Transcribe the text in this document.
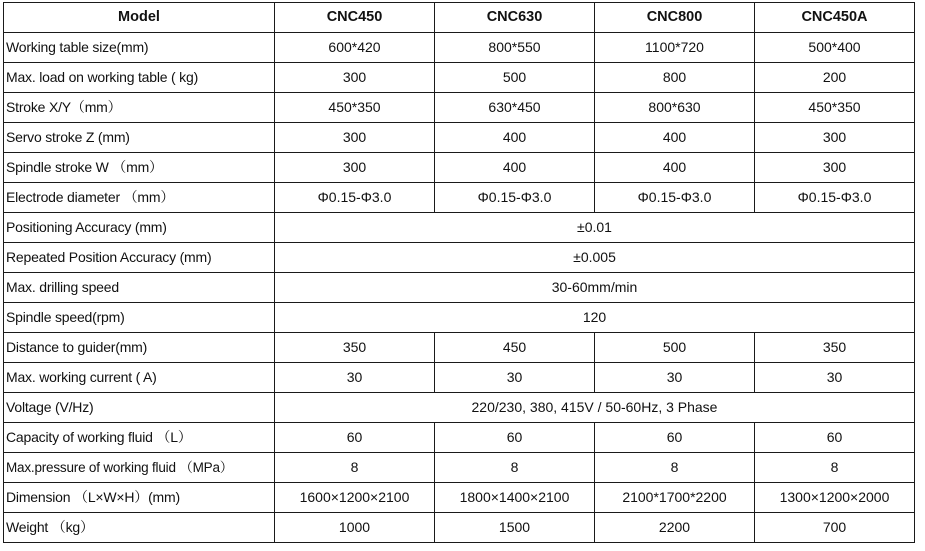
Model	CNC450	CNC630	CNC800	CNC450A
Working table size(mm)	600*420	800*550	1100*720	500*400
Max. load on working table ( kg)	300	500	800	200
Stroke X/Y（mm）	450*350	630*450	800*630	450*350
Servo stroke Z (mm)	300	400	400	300
Spindle stroke W （mm）	300	400	400	300
Electrode diameter （mm）	Φ0.15-Φ3.0	Φ0.15-Φ3.0	Φ0.15-Φ3.0	Φ0.15-Φ3.0
Positioning Accuracy (mm)	±0.01			
Repeated Position Accuracy (mm)	±0.005			
Max. drilling speed	30-60mm/min			
Spindle speed(rpm)	120			
Distance to guider(mm)	350	450	500	350
Max. working current ( A)	30	30	30	30
Voltage (V/Hz)	220/230, 380, 415V / 50-60Hz, 3 Phase			
Capacity of working fluid （L）	60	60	60	60
Max.pressure of working fluid （MPa）	8	8	8	8
Dimension （L×W×H）(mm)	1600×1200×2100	1800×1400×2100	2100*1700*2200	1300×1200×2000
Weight （kg）	1000	1500	2200	700
